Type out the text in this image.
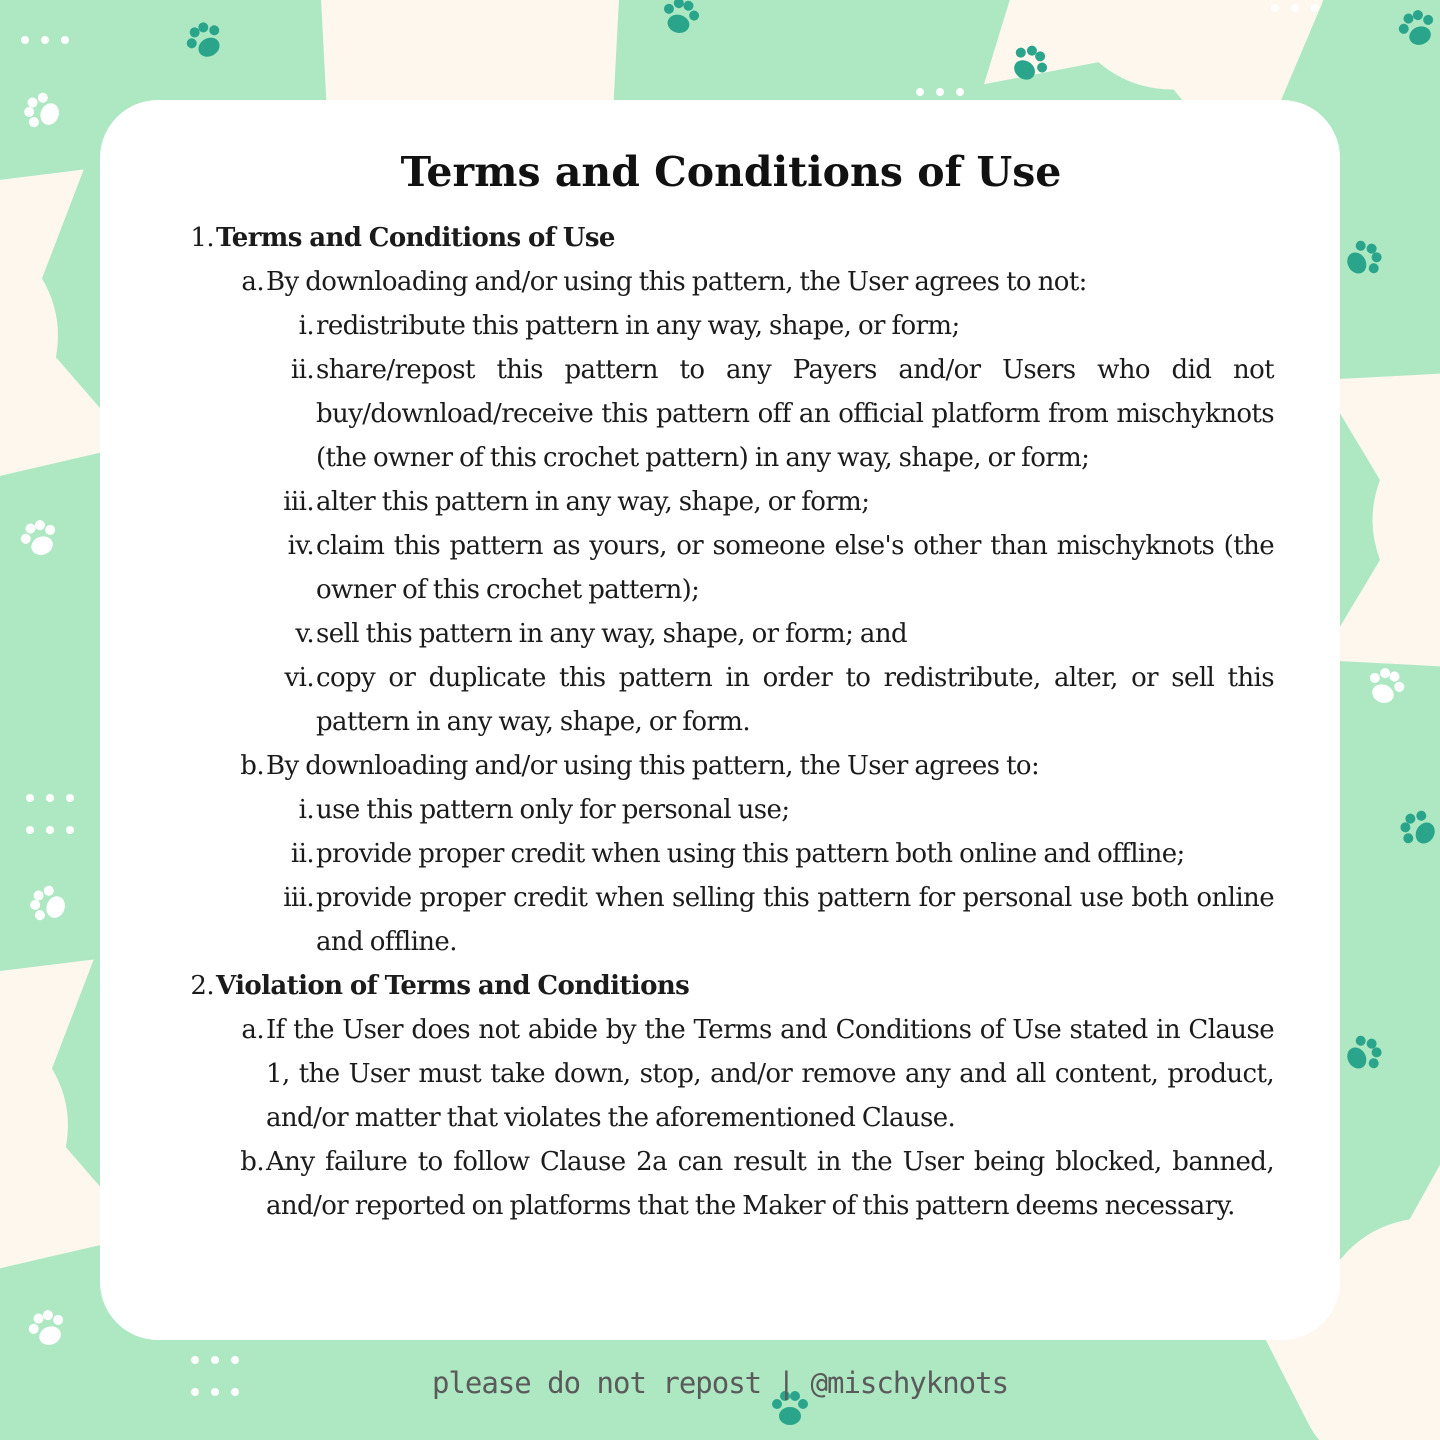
Terms and Conditions of Use
1. Terms and Conditions of Use
a. By downloading and/or using this pattern, the User agrees to not:
i. redistribute this pattern in any way, shape, or form;
ii. share/repost this pattern to any Payers and/or Users who did not buy/download/receive this pattern off an official platform from mischyknots (the owner of this crochet pattern) in any way, shape, or form;
iii. alter this pattern in any way, shape, or form;
iv. claim this pattern as yours, or someone else's other than mischyknots (the owner of this crochet pattern);
v. sell this pattern in any way, shape, or form; and
vi. copy or duplicate this pattern in order to redistribute, alter, or sell this pattern in any way, shape, or form.
b. By downloading and/or using this pattern, the User agrees to:
i. use this pattern only for personal use;
ii. provide proper credit when using this pattern both online and offline;
iii. provide proper credit when selling this pattern for personal use both online and offline.
2. Violation of Terms and Conditions
a. If the User does not abide by the Terms and Conditions of Use stated in Clause 1, the User must take down, stop, and/or remove any and all content, product, and/or matter that violates the aforementioned Clause.
b. Any failure to follow Clause 2a can result in the User being blocked, banned, and/or reported on platforms that the Maker of this pattern deems necessary.
please do not repost | @mischyknots
